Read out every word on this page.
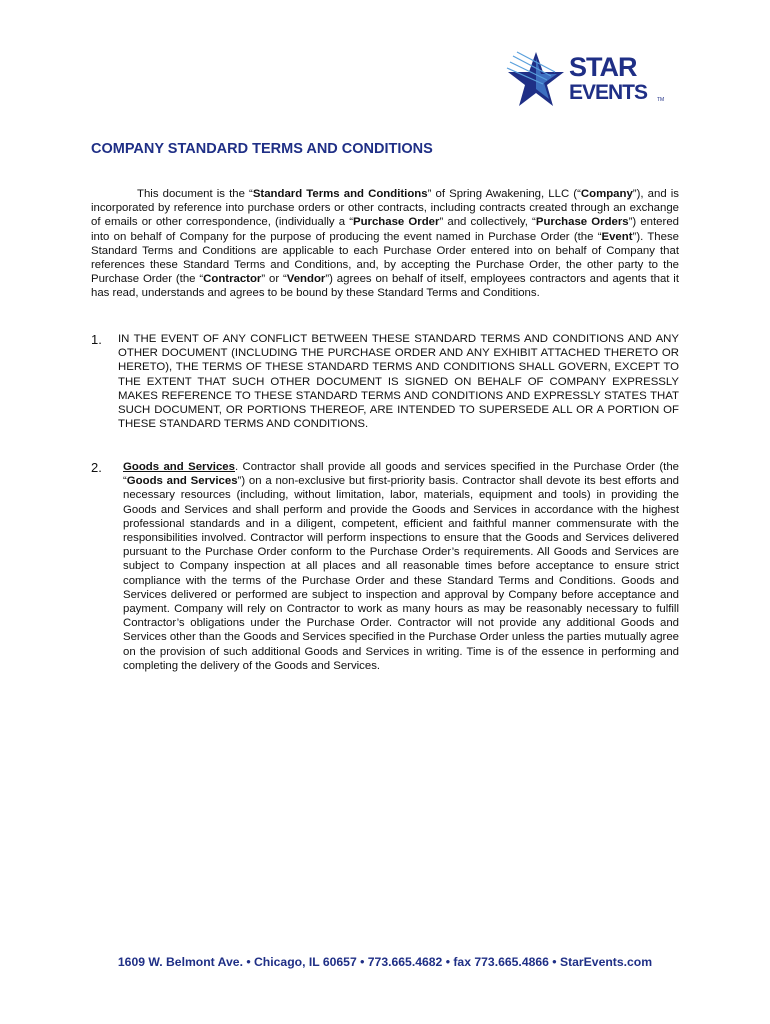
STAR
EVENTS TM
COMPANY STANDARD TERMS AND CONDITIONS

This document is the “Standard Terms and Conditions” of Spring Awakening, LLC (“Company”), and is incorporated by reference into purchase orders or other contracts, including contracts created through an exchange of emails or other correspondence, (individually a “Purchase Order” and collectively, “Purchase Orders”) entered into on behalf of Company for the purpose of producing the event named in Purchase Order (the “Event”). These Standard Terms and Conditions are applicable to each Purchase Order entered into on behalf of Company that references these Standard Terms and Conditions, and, by accepting the Purchase Order, the other party to the Purchase Order (the “Contractor” or “Vendor”) agrees on behalf of itself, employees contractors and agents that it has read, understands and agrees to be bound by these Standard Terms and Conditions.

1. IN THE EVENT OF ANY CONFLICT BETWEEN THESE STANDARD TERMS AND CONDITIONS AND ANY OTHER DOCUMENT (INCLUDING THE PURCHASE ORDER AND ANY EXHIBIT ATTACHED THERETO OR HERETO), THE TERMS OF THESE STANDARD TERMS AND CONDITIONS SHALL GOVERN, EXCEPT TO THE EXTENT THAT SUCH OTHER DOCUMENT IS SIGNED ON BEHALF OF COMPANY EXPRESSLY MAKES REFERENCE TO THESE STANDARD TERMS AND CONDITIONS AND EXPRESSLY STATES THAT SUCH DOCUMENT, OR PORTIONS THEREOF, ARE INTENDED TO SUPERSEDE ALL OR A PORTION OF THESE STANDARD TERMS AND CONDITIONS.

2. Goods and Services. Contractor shall provide all goods and services specified in the Purchase Order (the “Goods and Services”) on a non-exclusive but first-priority basis. Contractor shall devote its best efforts and necessary resources (including, without limitation, labor, materials, equipment and tools) in providing the Goods and Services and shall perform and provide the Goods and Services in accordance with the highest professional standards and in a diligent, competent, efficient and faithful manner commensurate with the responsibilities involved. Contractor will perform inspections to ensure that the Goods and Services delivered pursuant to the Purchase Order conform to the Purchase Order’s requirements. All Goods and Services are subject to Company inspection at all places and all reasonable times before acceptance to ensure strict compliance with the terms of the Purchase Order and these Standard Terms and Conditions. Goods and Services delivered or performed are subject to inspection and approval by Company before acceptance and payment. Company will rely on Contractor to work as many hours as may be reasonably necessary to fulfill Contractor’s obligations under the Purchase Order. Contractor will not provide any additional Goods and Services other than the Goods and Services specified in the Purchase Order unless the parties mutually agree on the provision of such additional Goods and Services in writing. Time is of the essence in performing and completing the delivery of the Goods and Services.

1609 W. Belmont Ave. • Chicago, IL 60657 • 773.665.4682 • fax 773.665.4866 • StarEvents.com
